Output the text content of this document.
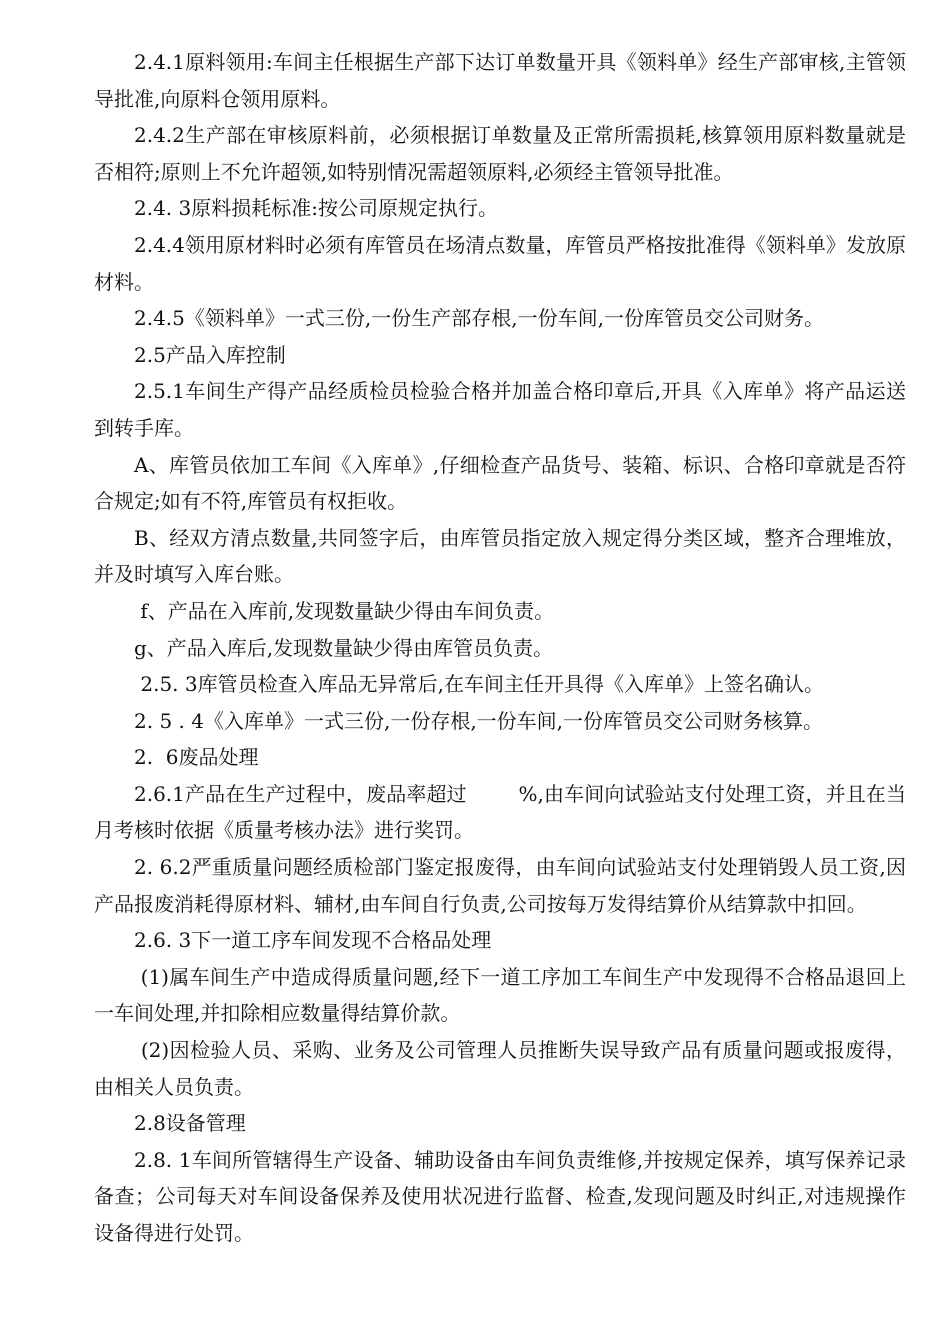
2.4.1原料领用:车间主任根据生产部下达订单数量开具《领料单》经生产部审核,主管领导批准,向原料仓领用原料。

2.4.2生产部在审核原料前，必须根据订单数量及正常所需损耗,核算领用原料数量就是否相符;原则上不允许超领,如特别情况需超领原料,必须经主管领导批准。

2.4. 3原料损耗标准:按公司原规定执行。

2.4.4领用原材料时必须有库管员在场清点数量，库管员严格按批准得《领料单》发放原材料。

2.4.5《领料单》一式三份,一份生产部存根,一份车间,一份库管员交公司财务。

2.5产品入库控制

2.5.1车间生产得产品经质检员检验合格并加盖合格印章后,开具《入库单》将产品运送到转手库。

A、库管员依加工车间《入库单》,仔细检查产品货号、装箱、标识、合格印章就是否符合规定;如有不符,库管员有权拒收。

B、经双方清点数量,共同签字后，由库管员指定放入规定得分类区域，整齐合理堆放，并及时填写入库台账。

f、产品在入库前,发现数量缺少得由车间负责。

g、产品入库后,发现数量缺少得由库管员负责。

2.5. 3库管员检查入库品无异常后,在车间主任开具得《入库单》上签名确认。

2. 5 . 4《入库单》一式三份,一份存根,一份车间,一份库管员交公司财务核算。

2.  6废品处理

2.6.1产品在生产过程中，废品率超过        %,由车间向试验站支付处理工资，并且在当月考核时依据《质量考核办法》进行奖罚。

2. 6.2严重质量问题经质检部门鉴定报废得，由车间向试验站支付处理销毁人员工资,因产品报废消耗得原材料、辅材,由车间自行负责,公司按每万发得结算价从结算款中扣回。

2.6. 3下一道工序车间发现不合格品处理

(1)属车间生产中造成得质量问题,经下一道工序加工车间生产中发现得不合格品退回上一车间处理,并扣除相应数量得结算价款。

(2)因检验人员、采购、业务及公司管理人员推断失误导致产品有质量问题或报废得，由相关人员负责。

2.8设备管理

2.8. 1车间所管辖得生产设备、辅助设备由车间负责维修,并按规定保养，填写保养记录备查；公司每天对车间设备保养及使用状况进行监督、检查,发现问题及时纠正,对违规操作设备得进行处罚。
